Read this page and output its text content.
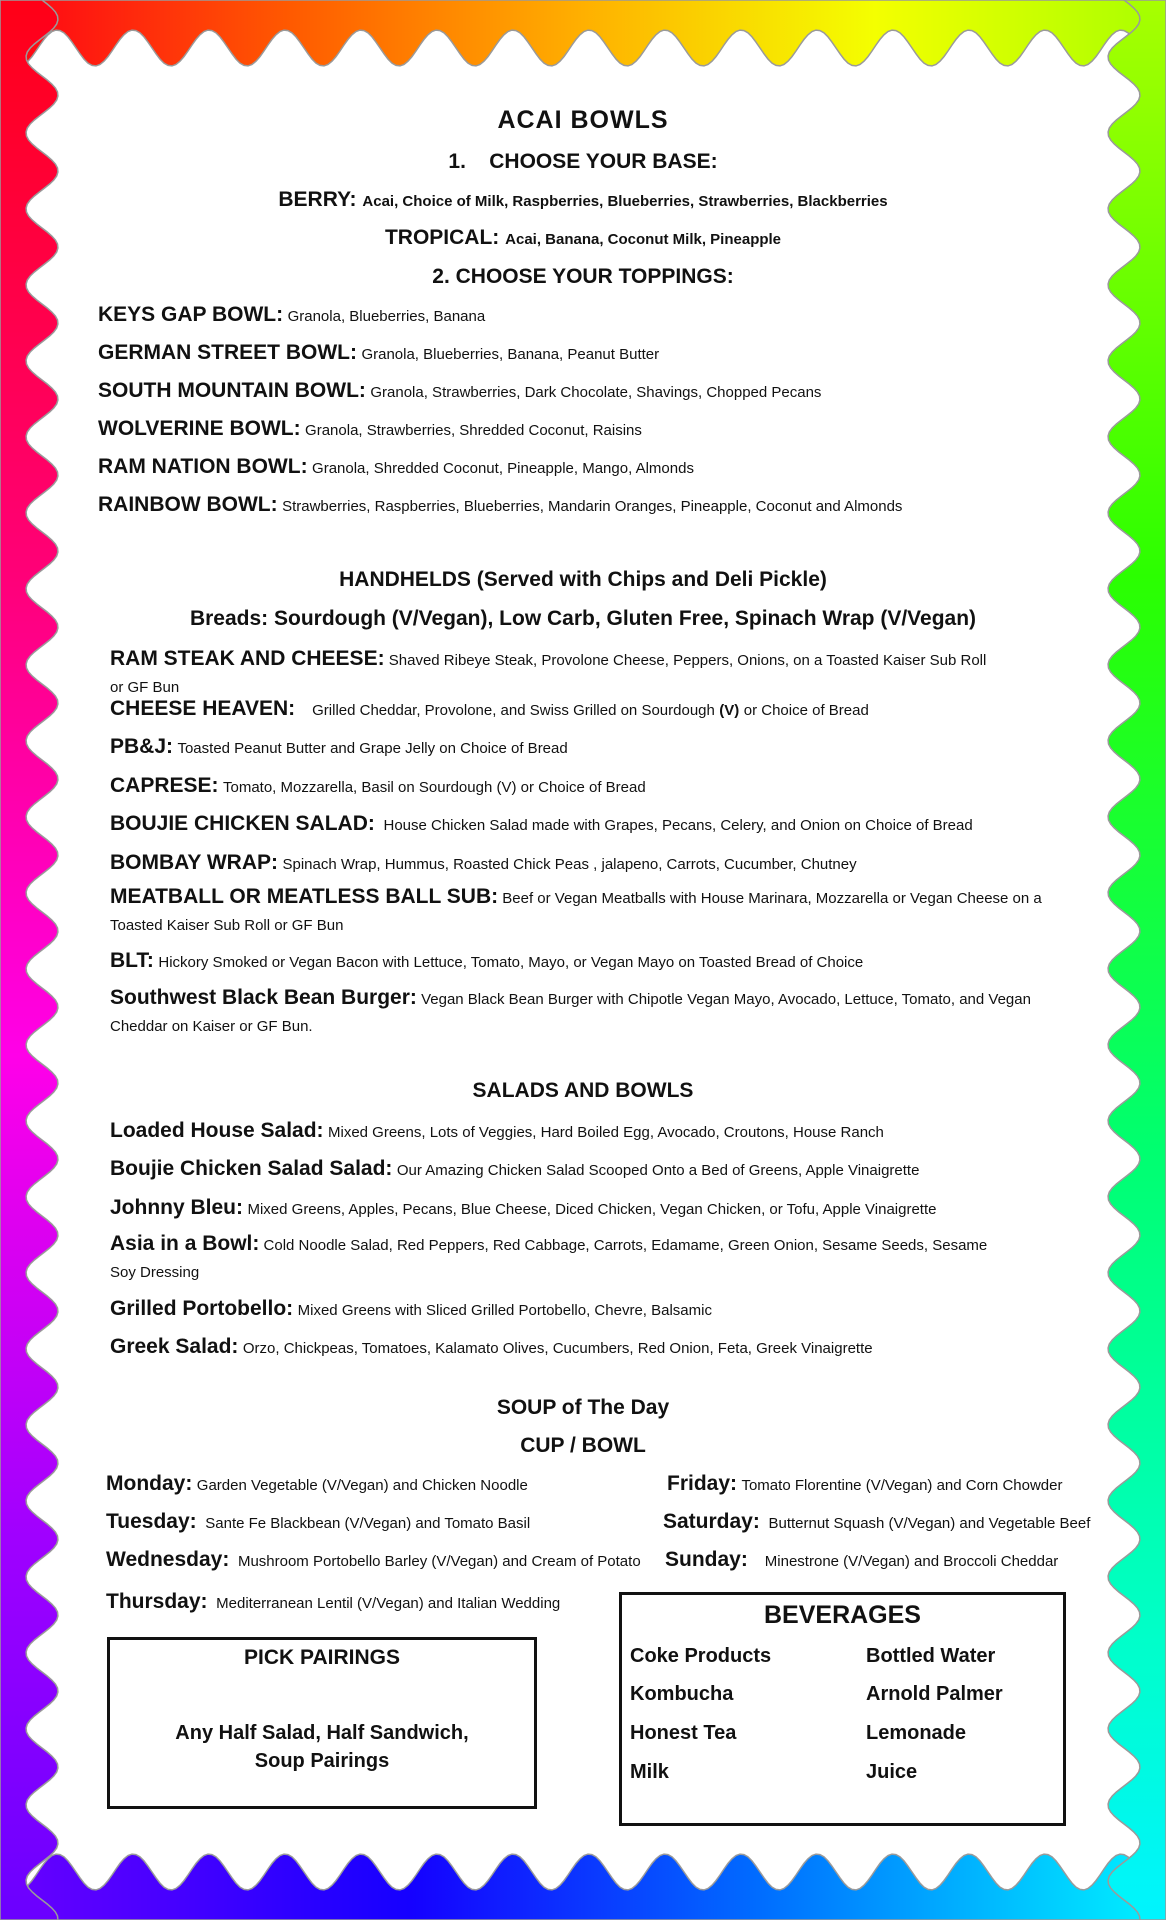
ACAI BOWLS
1.    CHOOSE YOUR BASE:
BERRY: Acai, Choice of Milk, Raspberries, Blueberries, Strawberries, Blackberries
TROPICAL: Acai, Banana, Coconut Milk, Pineapple
2. CHOOSE YOUR TOPPINGS:
KEYS GAP BOWL: Granola, Blueberries, Banana
GERMAN STREET BOWL: Granola, Blueberries, Banana, Peanut Butter
SOUTH MOUNTAIN BOWL: Granola, Strawberries, Dark Chocolate, Shavings, Chopped Pecans
WOLVERINE BOWL: Granola, Strawberries, Shredded Coconut, Raisins
RAM NATION BOWL: Granola, Shredded Coconut, Pineapple, Mango, Almonds
RAINBOW BOWL: Strawberries, Raspberries, Blueberries, Mandarin Oranges, Pineapple, Coconut and Almonds
HANDHELDS (Served with Chips and Deli Pickle)
Breads: Sourdough (V/Vegan), Low Carb, Gluten Free, Spinach Wrap (V/Vegan)
RAM STEAK AND CHEESE: Shaved Ribeye Steak, Provolone Cheese, Peppers, Onions, on a Toasted Kaiser Sub Roll
or GF Bun
CHEESE HEAVEN:    Grilled Cheddar, Provolone, and Swiss Grilled on Sourdough (V) or Choice of Bread
PB&J: Toasted Peanut Butter and Grape Jelly on Choice of Bread
CAPRESE: Tomato, Mozzarella, Basil on Sourdough (V) or Choice of Bread
BOUJIE CHICKEN SALAD:  House Chicken Salad made with Grapes, Pecans, Celery, and Onion on Choice of Bread
BOMBAY WRAP: Spinach Wrap, Hummus, Roasted Chick Peas , jalapeno, Carrots, Cucumber, Chutney
MEATBALL OR MEATLESS BALL SUB: Beef or Vegan Meatballs with House Marinara, Mozzarella or Vegan Cheese on a
Toasted Kaiser Sub Roll or GF Bun
BLT: Hickory Smoked or Vegan Bacon with Lettuce, Tomato, Mayo, or Vegan Mayo on Toasted Bread of Choice
Southwest Black Bean Burger: Vegan Black Bean Burger with Chipotle Vegan Mayo, Avocado, Lettuce, Tomato, and Vegan
Cheddar on Kaiser or GF Bun.
SALADS AND BOWLS
Loaded House Salad: Mixed Greens, Lots of Veggies, Hard Boiled Egg, Avocado, Croutons, House Ranch
Boujie Chicken Salad Salad: Our Amazing Chicken Salad Scooped Onto a Bed of Greens, Apple Vinaigrette
Johnny Bleu: Mixed Greens, Apples, Pecans, Blue Cheese, Diced Chicken, Vegan Chicken, or Tofu, Apple Vinaigrette
Asia in a Bowl: Cold Noodle Salad, Red Peppers, Red Cabbage, Carrots, Edamame, Green Onion, Sesame Seeds, Sesame
Soy Dressing
Grilled Portobello: Mixed Greens with Sliced Grilled Portobello, Chevre, Balsamic
Greek Salad: Orzo, Chickpeas, Tomatoes, Kalamato Olives, Cucumbers, Red Onion, Feta, Greek Vinaigrette
SOUP of The Day
CUP / BOWL
Monday: Garden Vegetable (V/Vegan) and Chicken Noodle
Tuesday:  Sante Fe Blackbean (V/Vegan) and Tomato Basil
Wednesday:  Mushroom Portobello Barley (V/Vegan) and Cream of Potato
Thursday:  Mediterranean Lentil (V/Vegan) and Italian Wedding
Friday: Tomato Florentine (V/Vegan) and Corn Chowder
Saturday:  Butternut Squash (V/Vegan) and Vegetable Beef
Sunday:    Minestrone (V/Vegan) and Broccoli Cheddar
PICK PAIRINGS
Any Half Salad, Half Sandwich,
Soup Pairings
BEVERAGES
Coke Products
Kombucha
Honest Tea
Milk
Bottled Water
Arnold Palmer
Lemonade
Juice
